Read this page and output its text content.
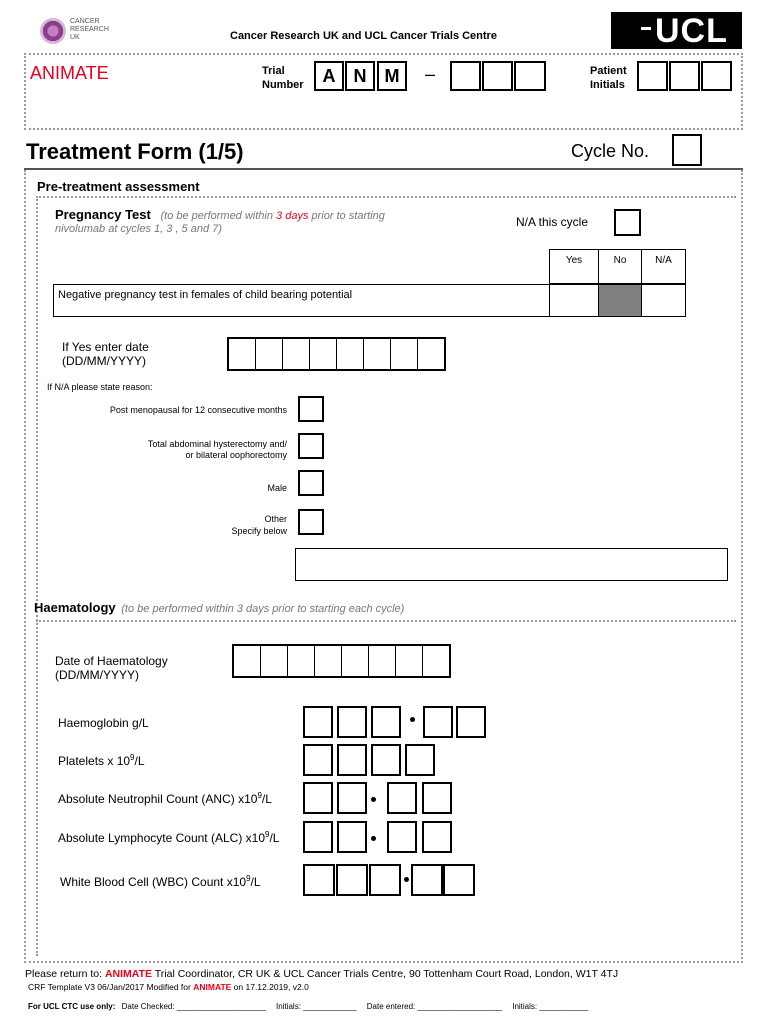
CANCER RESEARCH UK	Cancer Research UK and UCL Cancer Trials Centre	UCL
ANIMATE	Trial
Number	A	N	M	–	Patient
Initials
Treatment Form (1/5)	Cycle No.
Pre-treatment assessment
Pregnancy Test (to be performed within 3 days prior to starting
nivolumab at cycles 1, 3 , 5 and 7)	N/A this cycle
Yes	No	N/A
Negative pregnancy test in females of child bearing potential
If Yes enter date
(DD/MM/YYYY)
If N/A please state reason:
Post menopausal for 12 consecutive months
Total abdominal hysterectomy and/
or bilateral oophorectomy
Male
Other
Specify below
Haematology (to be performed within 3 days prior to starting each cycle)
Date of Haematology
(DD/MM/YYYY)
Haemoglobin g/L
Platelets x $10^9/L$
Absolute Neutrophil Count (ANC) $x10^9/L$
Absolute Lymphocyte Count (ALC) $x10^9/L$
White Blood Cell (WBC) Count $x10^9/L$
Please return to: ANIMATE Trial Coordinator, CR UK & UCL Cancer Trials Centre, 90 Tottenham Court Road, London, W1T 4TJ
CRF Template V3 06/Jan/2017 Modified for ANIMATE on 17.12.2019, v2.0
For UCL CTC use only: Date Checked: ____________________ Initials: ____________ Date entered: ___________________ Initials: ___________
